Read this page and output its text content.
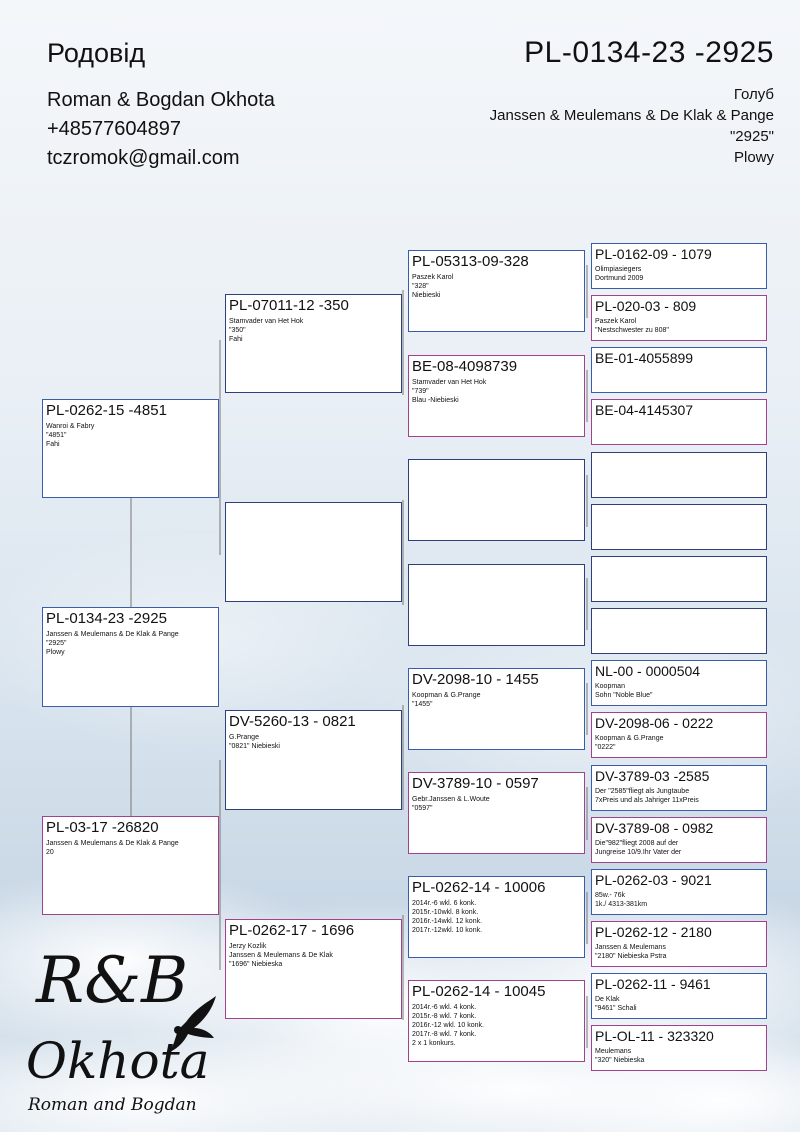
Родовід
Roman & Bogdan Okhota
+48577604897
tczromok@gmail.com
PL-0134-23 -2925
Голуб
Janssen & Meulemans & De Klak & Pange
"2925"
Plowy
PL-0262-15 -4851
Wanroi & Fabry
"4851"
Fahi
PL-0134-23 -2925
Janssen & Meulemans & De Klak & Pange
"2925"
Plowy
PL-03-17 -26820
Janssen & Meulemans & De Klak & Pange
20
PL-07011-12 -350
Stamvader van Het Hok
"350"
Fahi
DV-5260-13 - 0821
G.Prange
"0821" Niebieski
PL-0262-17 - 1696
Jerzy Kozlik
Janssen & Meulemans & De Klak
"1696" Niebieska
PL-05313-09-328
Paszek Karol
"328"
Niebieski
BE-08-4098739
Stamvader van Het Hok
"739"
Blau -Niebieski
DV-2098-10 - 1455
Koopman & G.Prange
"1455"
DV-3789-10 - 0597
Gebr.Janssen & L.Woute
"0597"
PL-0262-14 - 10006
2014r.-6 wkl. 6 konk.
2015r.-10wkl. 8 konk.
2016r.-14wkl. 12 konk.
2017r.-12wkl. 10 konk.
PL-0262-14 - 10045
2014r.-6 wkl. 4 konk.
2015r.-8 wkl. 7 konk.
2016r.-12 wkl. 10 konk.
2017r.-8 wkl. 7 konk.
2 x 1 konkurs.
PL-0162-09 - 1079
Olimpiasiegers
Dortmund 2009
PL-020-03 - 809
Paszek Karol
"Nestschwester zu 808"
BE-01-4055899
BE-04-4145307
NL-00 - 0000504
Koopman
Sohn "Noble Blue"
DV-2098-06 - 0222
Koopman & G.Prange
"0222"
DV-3789-03 -2585
Der "2585"fliegt als Jungtaube
7xPreis und als Jahriger 11xPreis
DV-3789-08 - 0982
Die"982"fliegt 2008 auf der
Jungreise 10/9.Ihr Vater der
PL-0262-03 - 9021
85w.- 76k
1k./ 4313-381km
PL-0262-12 - 2180
Janssen & Meulemans
"2180" Niebieska Pstra
PL-0262-11 - 9461
De Klak
"9461" Schali
PL-OL-11 - 323320
Meulemans
"320" Niebieska
R&B
Okhota
Roman and Bogdan
